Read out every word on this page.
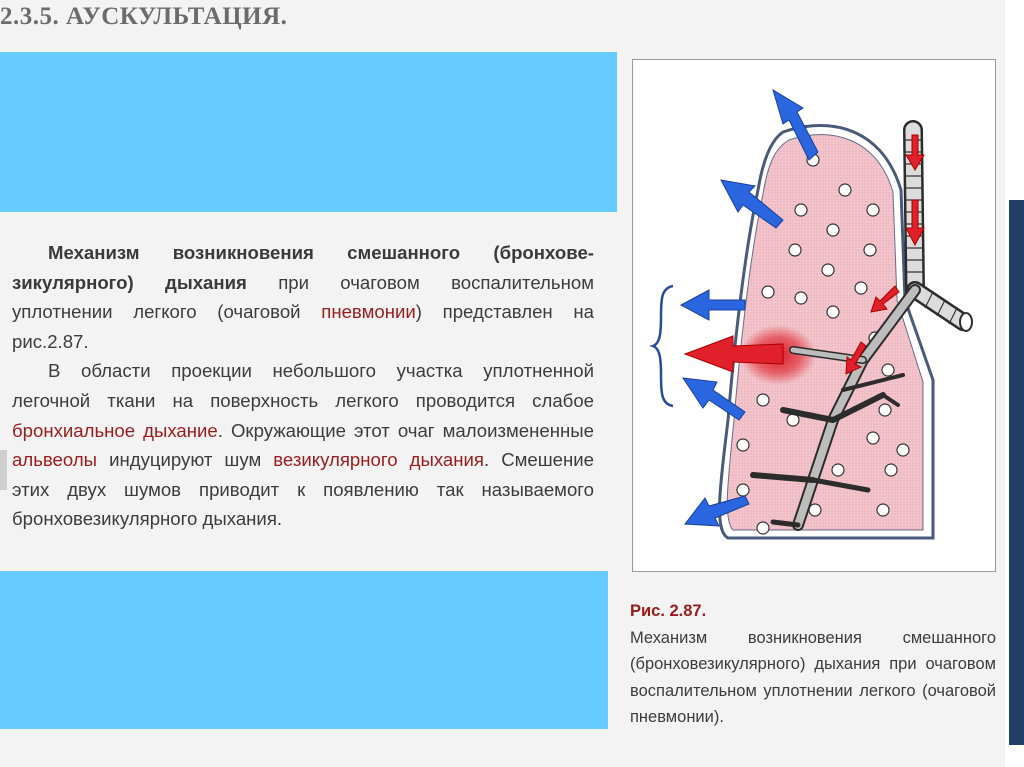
2.3.5. АУСКУЛЬТАЦИЯ.

Механизм возникновения смешанного (бронховезикулярного) дыхания при очаговом воспалительном уплотнении легкого (очаговой пневмонии) представлен на рис.2.87.

В области проекции небольшого участка уплотненной легочной ткани на поверхность легкого проводится слабое бронхиальное дыхание. Окружающие этот очаг малоизмененные альвеолы индуцируют шум везикулярного дыхания. Смешение этих двух шумов приводит к появлению так называемого бронховезикулярного дыхания.

Рис. 2.87.
Механизм возникновения смешанного (бронховезикулярного) дыхания при очаговом воспалительном уплотнении легкого (очаговой пневмонии).
